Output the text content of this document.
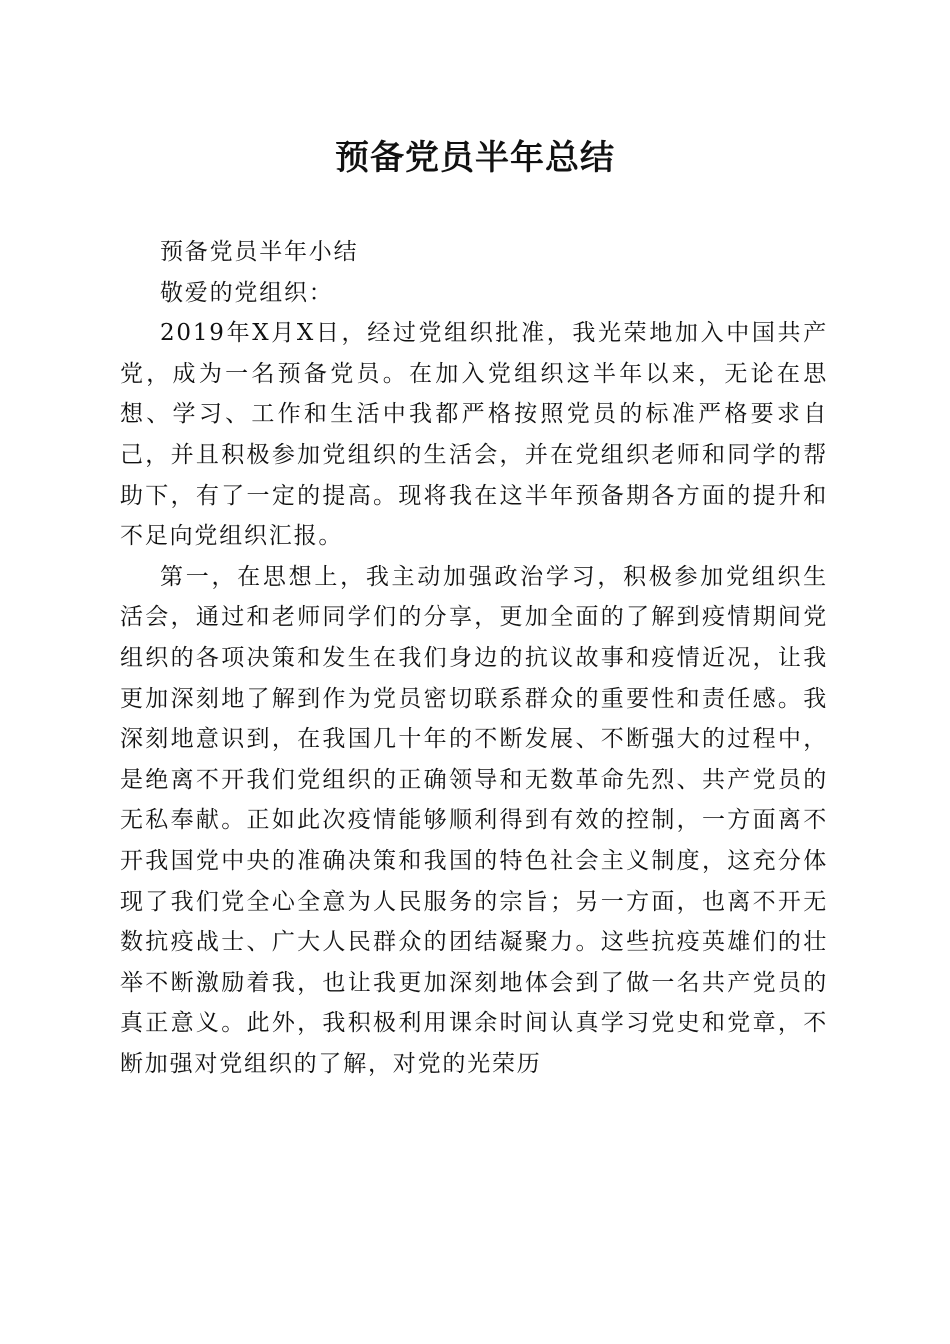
预备党员半年总结

预备党员半年小结

敬爱的党组织：

2019年X月X日，经过党组织批准，我光荣地加入中国共产党，成为一名预备党员。在加入党组织这半年以来，无论在思想、学习、工作和生活中我都严格按照党员的标准严格要求自己，并且积极参加党组织的生活会，并在党组织老师和同学的帮助下，有了一定的提高。现将我在这半年预备期各方面的提升和不足向党组织汇报。

第一，在思想上，我主动加强政治学习，积极参加党组织生活会，通过和老师同学们的分享，更加全面的了解到疫情期间党组织的各项决策和发生在我们身边的抗议故事和疫情近况，让我更加深刻地了解到作为党员密切联系群众的重要性和责任感。我深刻地意识到，在我国几十年的不断发展、不断强大的过程中，是绝离不开我们党组织的正确领导和无数革命先烈、共产党员的无私奉献。正如此次疫情能够顺利得到有效的控制，一方面离不开我国党中央的准确决策和我国的特色社会主义制度，这充分体现了我们党全心全意为人民服务的宗旨；另一方面，也离不开无数抗疫战士、广大人民群众的团结凝聚力。这些抗疫英雄们的壮举不断激励着我，也让我更加深刻地体会到了做一名共产党员的真正意义。此外，我积极利用课余时间认真学习党史和党章，不断加强对党组织的了解，对党的光荣历
